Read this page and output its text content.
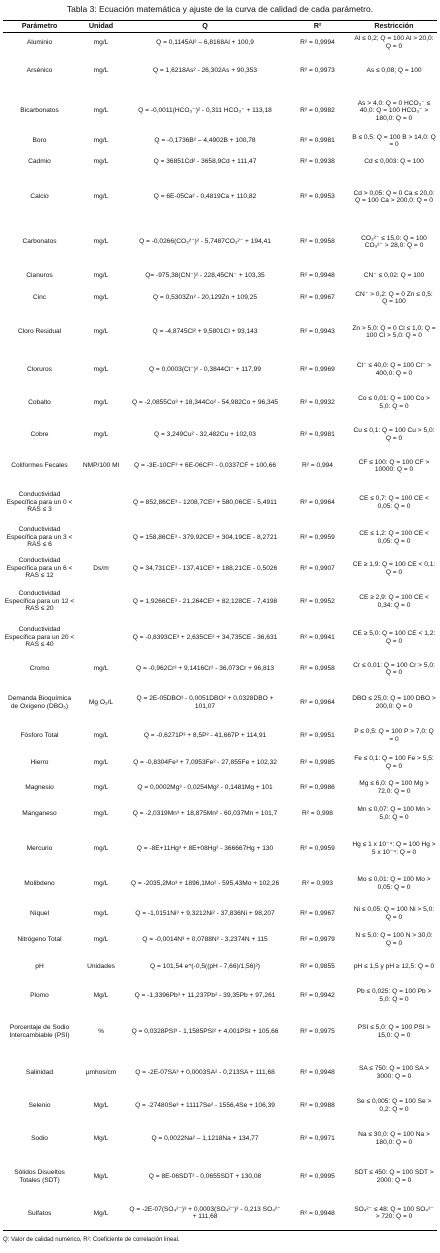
Tabla 3: Ecuación matemática y ajuste de la curva de calidad de cada parámetro.
Parámetro	Unidad	Q	R²	Restricción
Aluminio	mg/L	Q = 0,1145Al² – 6,8168Al + 100,9	R² = 0,9994	Al ≤ 0,2; Q = 100 Al > 20,0: Q = 0
Arsénico	mg/L	Q = 1,6218As² - 26,302As + 90,353	R² = 0,9973	As ≤ 0,08; Q = 100
Bicarbonatos	mg/L	Q = -0,0011(HCO₃⁻)² - 0,311 HCO₃⁻ + 113,18	R² = 0,9982	As > 4,0: Q = 0 HCO₃⁻ ≤ 40,0: Q = 100 HCO₃⁻ > 180,0: Q = 0
Boro	mg/L	Q = -0,1736B² – 4,4902B + 100,78	R² = 0,9981	B ≤ 0,5: Q = 100 B > 14,0: Q = 0
Cadmio	mg/L	Q = 36851Cd² - 3658,9Cd + 111,47	R² = 0,9938	Cd ≤ 0,003: Q = 100
Calcio	mg/L	Q = 6E-05Ca² - 0,4819Ca + 110,82	R² = 0,9953	Cd > 0,05: Q = 0 Ca ≤ 20,0: Q = 100 Ca > 200,0: Q = 0
Carbonatos	mg/L	Q = -0,0266(CO₃²⁻)² - 5,7487CO₃²⁻ + 194,41	R² = 0,9958	CO₃²⁻ ≤ 15,0: Q = 100 CO₃²⁻ > 28,0: Q = 0
Cianuros	mg/L	Q= -975,38(CN⁻)² - 228,45CN⁻ + 103,35	R² = 0,9948	CN⁻ ≤ 0,02: Q = 100
Cinc	mg/L	Q = 0,5303Zn² - 20,129Zn + 109,25	R² = 0,9967	CN⁻ > 0,2: Q = 0 Zn ≤ 0,5: Q = 100
Cloro Residual	mg/L	Q = -4,8745Cl² + 9,5801Cl + 93,143	R² = 0,9943	Zn > 5,0: Q = 0 Cl ≤ 1,0: Q = 100 Cl > 5,0: Q = 0
Cloruros	mg/L	Q = 0,0003(Cl⁻)² - 0,3844Cl⁻ + 117,99	R² = 0,9969	Cl⁻ ≤ 40,0: Q = 100 Cl⁻ > 400,0: Q = 0
Cobalto	mg/L	Q = -2,0855Co³ + 18,344Co² - 54,982Co + 96,345	R² = 0,9932	Co ≤ 0,01: Q = 100 Co > 5,0: Q = 0
Cobre	mg/L	Q = 3,249Cu² - 32,482Cu + 102,03	R² = 0,9981	Cu ≤ 0,1: Q = 100 Cu > 5,0: Q = 0
Coliformes Fecales	NMP/100 Ml	Q = -3E-10CF³ + 6E-06CF² - 0,0337CF + 100,66	R² = 0,994	CF ≤ 100: Q = 100 CF > 10000: Q = 0
Conductividad Específica para un 0 < RAS ≤ 3		Q = 852,86CE³ - 1208,7CE² + 580,06CE - 5,4911	R² = 0,9964	CE ≤ 0,7: Q = 100 CE < 0,05: Q = 0
Conductividad Específica para un 3 < RAS ≤ 6		Q = 158,86CE³ - 379,92CE² + 304,19CE - 8,2721	R² = 0,9959	CE ≤ 1,2: Q = 100 CE < 0,05: Q = 0
Conductividad Específica para un 6 < RAS ≤ 12	Ds/m	Q = 34,731CE³ - 137,41CE² + 188,21CE - 0,5026	R² = 0,9907	CE ≥ 1,9: Q = 100 CE < 0,1: Q = 0
Conductividad Específica para un 12 < RAS ≤ 20		Q = 1,9266CE³ - 21,264CE² + 82,128CE - 7,4198	R² = 0,9952	CE ≥ 2,9: Q = 100 CE < 0,34: Q = 0
Conductividad Específica para un 20 < RAS ≤ 40		Q = -0,8393CE³ + 2,635CE² + 34,735CE - 36,631	R² = 0,9941	CE ≥ 5,0: Q = 100 CE < 1,2: Q = 0
Cromo	mg/L	Q = -0,962Cr³ + 9,1416Cr² - 36,073Cr + 96,813	R² = 0,9958	Cr ≤ 0,01: Q = 100 Cr > 5,0: Q = 0
Demanda Bioquímica de Oxígeno (DBO₅)	Mg O₂/L	Q = 2E-05DBO³ - 0,0051DBO² + 0,0328DBO + 101,07	R² = 0,9964	DBO ≤ 25,0: Q = 100 DBO > 200,0: Q = 0
Fósforo Total	mg/L	Q = -0,6271P³ + 8,5P² - 41,667P + 114,91	R² = 0,9951	P ≤ 0,5: Q = 100 P > 7,0: Q = 0
Hierro	mg/L	Q = -0,8304Fe³ + 7,0953Fe² - 27,855Fe + 102,32	R² = 0,9985	Fe ≤ 0,1: Q = 100 Fe > 5,5: Q = 0
Magnesio	mg/L	Q = 0,0002Mg³ - 0,0254Mg² - 0,1481Mg + 101	R² = 0,9986	Mg ≤ 6,0: Q = 100 Mg > 72,0: Q = 0
Manganeso	mg/L	Q = -2,0319Mn³ + 18,875Mn² - 60,037Mn + 101,7	R² = 0,998	Mn ≤ 0,07: Q = 100 Mn > 5,0: Q = 0
Mercurio	mg/L	Q = -8E+11Hg³ + 8E+08Hg² - 366667Hg + 130	R² = 0,9959	Hg ≤ 1 x 10⁻⁴: Q = 100 Hg > 5 x 10⁻⁴: Q = 0
Molibdeno	mg/L	Q = -2035,2Mo³ + 1896,1Mo² - 595,43Mo + 102,26	R² = 0,993	Mo ≤ 0,01: Q = 100 Mo > 0,05: Q = 0
Níquel	mg/L	Q = -1,0151Ni³ + 9,3212Ni² - 37,836Ni + 98,207	R² = 0,9967	Ni ≤ 0,05: Q = 100 Ni > 5,0: Q = 0
Nitrógeno Total	mg/L	Q = -0,0014N³ + 0,0788N² - 3,2374N + 115	R² = 0,9979	N ≤ 5,0: Q = 100 N > 30,0: Q = 0
pH	Unidades	Q = 101,54 e^(-0,5((pH - 7,66)/1,56)²)	R² = 0,9855	pH ≤ 1,5 y pH ≥ 12,5: Q = 0
Plomo	Mg/L	Q = -1,3396Pb³ + 11,237Pb² - 39,35Pb + 97,261	R² = 0,9942	Pb ≤ 0,025: Q = 100 Pb > 5,0: Q = 0
Porcentaje de Sodio Intercambiable (PSI)	%	Q = 0,0328PSI³ - 1,1585PSI² + 4,001PSI + 105,66	R² = 0,9975	PSI ≤ 5,0: Q = 100 PSI > 15,0: Q = 0
Salinidad	µmhos/cm	Q = -2E-07SA³ + 0,0003SA² - 0,213SA + 111,68	R² = 0,9948	SA ≤ 750: Q = 100 SA > 3000: Q = 0
Selenio	Mg/L	Q = -27480Se³ + 11117Se² - 1556,4Se + 106,39	R² = 0,9988	Se ≤ 0,005: Q = 100 Se > 0,2: Q = 0
Sodio	Mg/L	Q = 0,0022Na² – 1,1218Na + 134,77	R² = 0,9971	Na ≤ 30,0: Q = 100 Na > 180,0: Q = 0
Sólidos Disueltos Totales (SDT)	Mg/L	Q = 8E-06SDT² - 0,0655SDT + 130,08	R² = 0,9995	SDT ≤ 450: Q = 100 SDT > 2000: Q = 0
Sulfatos	Mg/L	Q = -2E-07(SO₄²⁻)³ + 0,0003(SO₄²⁻)² - 0,213 SO₄²⁻ + 111,68	R² = 0,9948	SO₄²⁻ ≤ 48: Q = 100 SO₄²⁻ > 720: Q = 0
Q: Valor de calidad numérico, R²: Coeficiente de correlación lineal.
